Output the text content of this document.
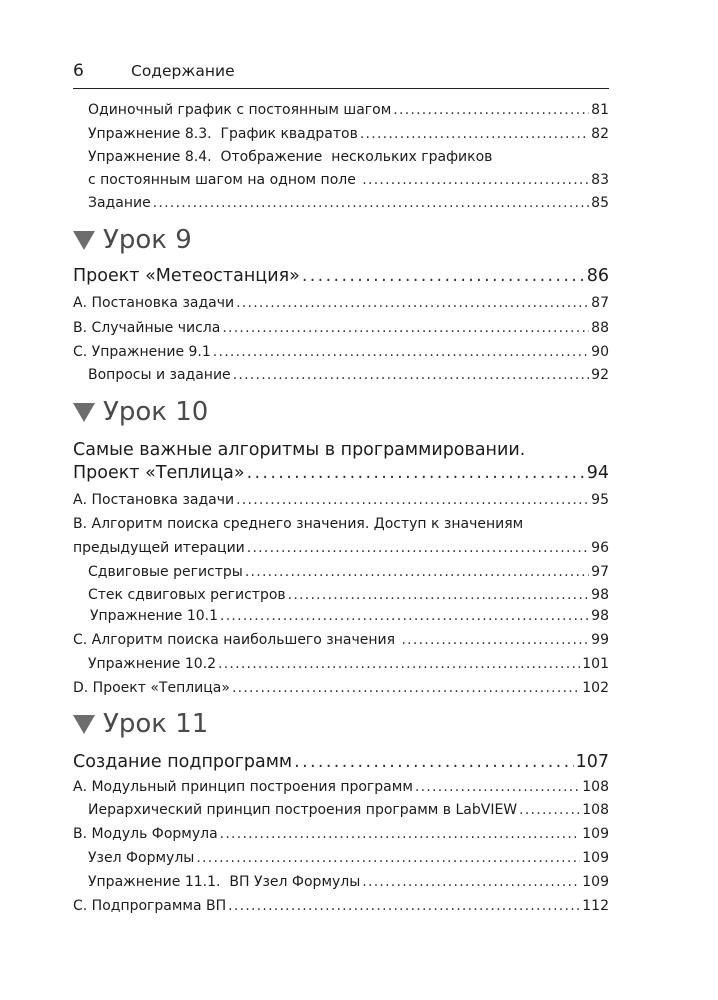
6	Содержание
Одиночный график с постоянным шагом . . .	81
Упражнение 8.3.  График квадратов . . .	82
Упражнение 8.4.  Отображение  нескольких графиков
с постоянным шагом на одном поле . . .	83
Задание . . .	85
Урок 9
Проект «Метеостанция» . . .	86
А. Постановка задачи . . .	87
B. Случайные числа . . .	88
C. Упражнение 9.1 . . .	90
Вопросы и задание . . .	92
Урок 10
Самые важные алгоритмы в программировании.
Проект «Теплица» . . .	94
А. Постановка задачи . . .	95
B. Алгоритм поиска среднего значения. Доступ к значениям
предыдущей итерации . . .	96
Сдвиговые регистры . . .	97
Стек сдвиговых регистров . . .	98
Упражнение 10.1 . . .	98
C. Алгоритм поиска наибольшего значения . . .	99
Упражнение 10.2 . . .	101
D. Проект «Теплица» . . .	102
Урок 11
Создание подпрограмм . . .	107
А. Модульный принцип построения программ . . .	108
Иерархический принцип построения программ в LabVIEW . . .	108
B. Модуль Формула . . .	109
Узел Формулы . . .	109
Упражнение 11.1.  ВП Узел Формулы . . .	109
C. Подпрограмма ВП . . .	112
